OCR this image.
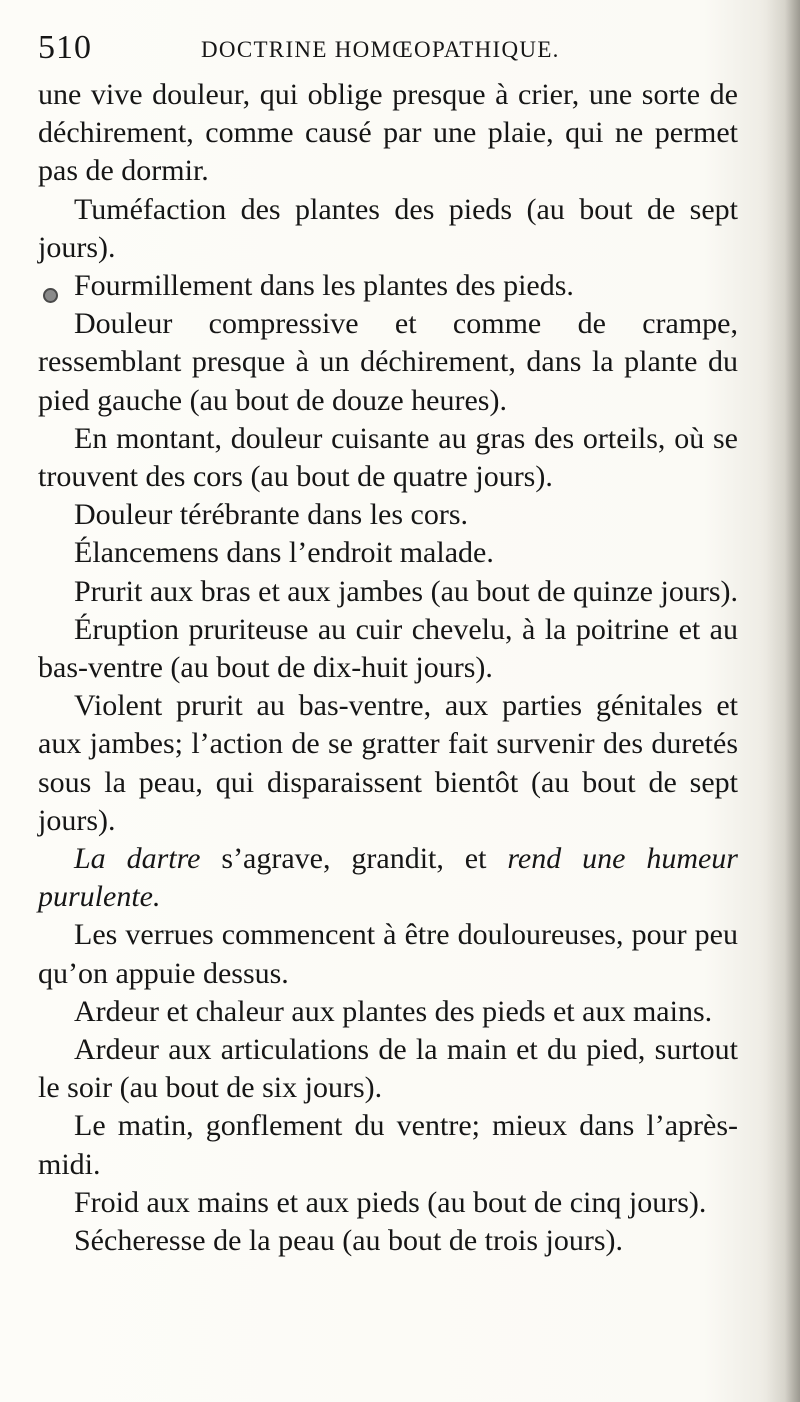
510	DOCTRINE HOMŒOPATHIQUE.

une vive douleur, qui oblige presque à crier, une sorte de déchirement, comme causé par une plaie, qui ne permet pas de dormir.

Tuméfaction des plantes des pieds (au bout de sept jours).

Fourmillement dans les plantes des pieds.

Douleur compressive et comme de crampe, ressemblant presque à un déchirement, dans la plante du pied gauche (au bout de douze heures).

En montant, douleur cuisante au gras des orteils, où se trouvent des cors (au bout de quatre jours).

Douleur térébrante dans les cors.

Élancemens dans l’endroit malade.

Prurit aux bras et aux jambes (au bout de quinze jours).

Éruption pruriteuse au cuir chevelu, à la poitrine et au bas-ventre (au bout de dix-huit jours).

Violent prurit au bas-ventre, aux parties génitales et aux jambes; l’action de se gratter fait survenir des duretés sous la peau, qui disparaissent bientôt (au bout de sept jours).

La dartre s’agrave, grandit, et rend une humeur purulente.

Les verrues commencent à être douloureuses, pour peu qu’on appuie dessus.

Ardeur et chaleur aux plantes des pieds et aux mains.

Ardeur aux articulations de la main et du pied, surtout le soir (au bout de six jours).

Le matin, gonflement du ventre; mieux dans l’après-midi.

Froid aux mains et aux pieds (au bout de cinq jours).

Sécheresse de la peau (au bout de trois jours).
